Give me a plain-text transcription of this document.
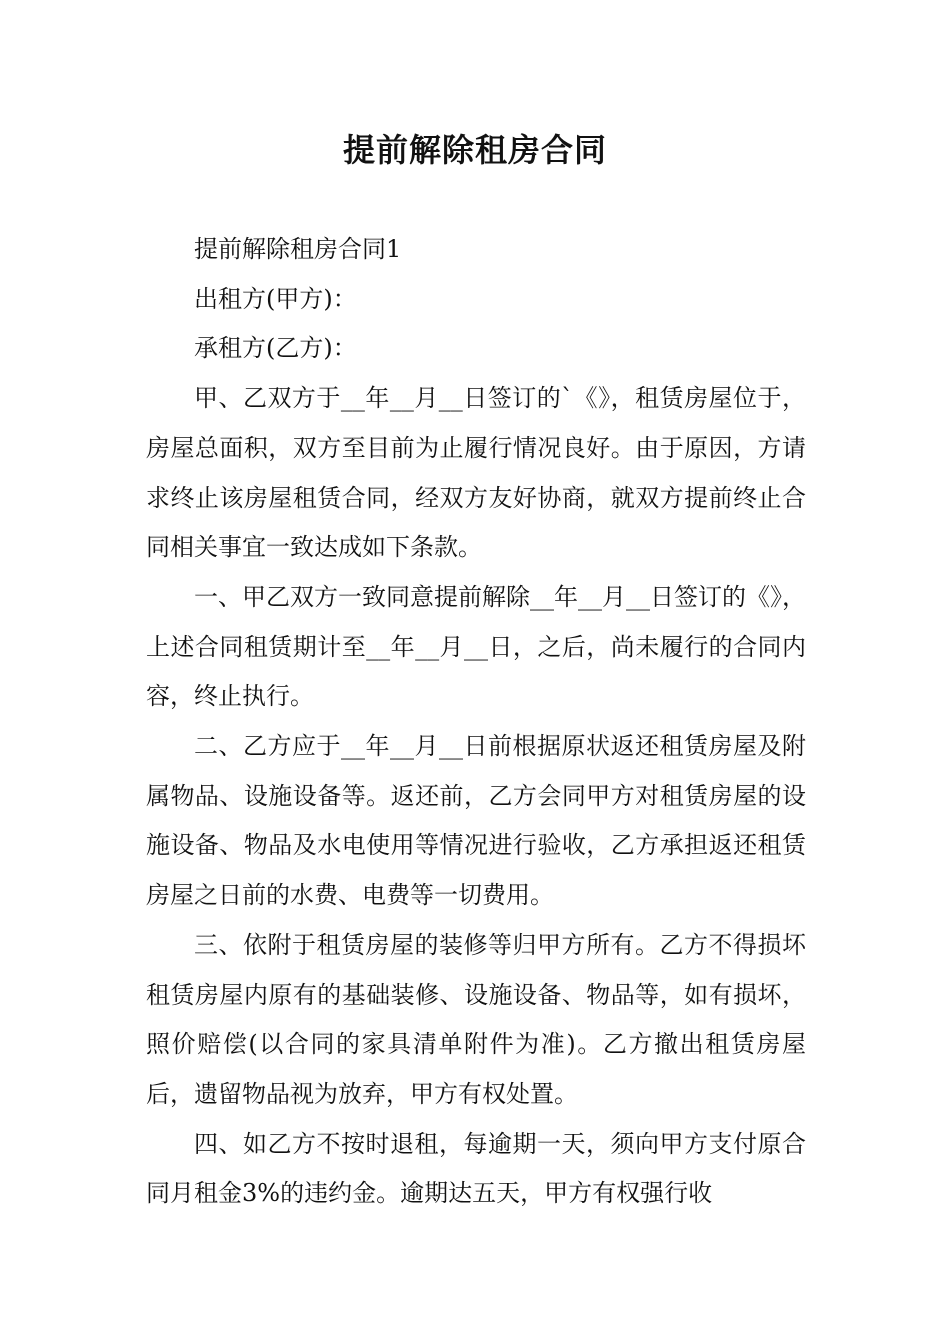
提前解除租房合同

提前解除租房合同1

出租方(甲方)：

承租方(乙方)：

甲、乙双方于__年__月__日签订的`《》，租赁房屋位于，房屋总面积，双方至目前为止履行情况良好。由于原因，方请求终止该房屋租赁合同，经双方友好协商，就双方提前终止合同相关事宜一致达成如下条款。

一、甲乙双方一致同意提前解除__年__月__日签订的《》，上述合同租赁期计至__年__月__日，之后，尚未履行的合同内容，终止执行。

二、乙方应于__年__月__日前根据原状返还租赁房屋及附属物品、设施设备等。返还前，乙方会同甲方对租赁房屋的设施设备、物品及水电使用等情况进行验收，乙方承担返还租赁房屋之日前的水费、电费等一切费用。

三、依附于租赁房屋的装修等归甲方所有。乙方不得损坏租赁房屋内原有的基础装修、设施设备、物品等，如有损坏，照价赔偿(以合同的家具清单附件为准)。乙方撤出租赁房屋后，遗留物品视为放弃，甲方有权处置。

四、如乙方不按时退租，每逾期一天，须向甲方支付原合同月租金3%的违约金。逾期达五天，甲方有权强行收
